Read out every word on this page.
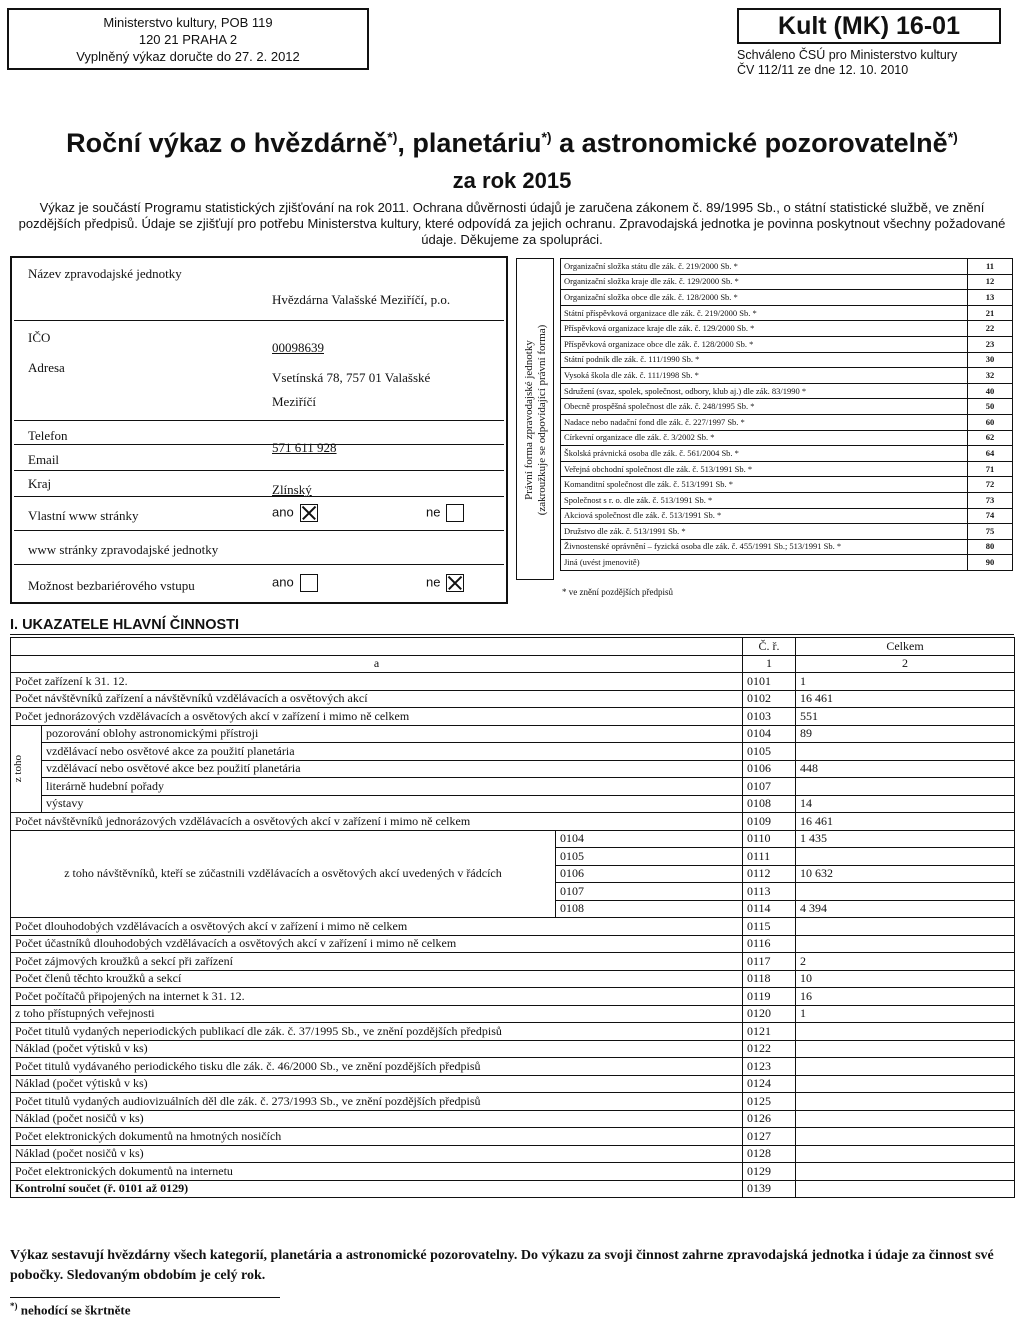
Ministerstvo kultury, POB 119
120 21 PRAHA 2
Vyplněný výkaz doručte do 27. 2. 2012
Kult (MK) 16-01
Schváleno ČSÚ pro Ministerstvo kultury
ČV 112/11 ze dne 12. 10. 2010
Roční výkaz o hvězdárně*), planetáriu*) a astronomické pozorovatelně*)
za rok 2015
Výkaz je součástí Programu statistických zjišťování na rok 2011. Ochrana důvěrnosti údajů je zaručena zákonem č. 89/1995 Sb., o státní statistické službě, ve znění pozdějších předpisů. Údaje se zjišťují pro potřebu Ministerstva kultury, které odpovídá za jejich ochranu. Zpravodajská jednotka je povinna poskytnout všechny požadované údaje. Děkujeme za spolupráci.
Název zpravodajské jednotky
Hvězdárna Valašské Meziříčí, p.o.
IČO
00098639
Adresa
Vsetínská 78, 757 01 Valašské
Meziříčí
Telefon
571 611 928
Email
Kraj	Zlínský
Vlastní www stránky	ano	ne
www stránky zpravodajské jednotky
Možnost bezbariérového vstupu	ano	ne
Právní forma zpravodajské jednotky (zakroužkuje se odpovídající právní forma)
Organizační složka státu dle zák. č. 219/2000 Sb. *	11
Organizační složka kraje dle zák. č. 129/2000 Sb. *	12
Organizační složka obce dle zák. č. 128/2000 Sb. *	13
Státní příspěvková organizace dle zák. č. 219/2000 Sb. *	21
Příspěvková organizace kraje dle zák. č. 129/2000 Sb. *	22
Příspěvková organizace obce dle zák. č. 128/2000 Sb. *	23
Státní podnik dle zák. č. 111/1990 Sb. *	30
Vysoká škola dle zák. č. 111/1998 Sb. *	32
Sdružení (svaz, spolek, společnost, odbory, klub aj.) dle zák. 83/1990 *	40
Obecně prospěšná společnost dle zák. č. 248/1995 Sb. *	50
Nadace nebo nadační fond dle zák. č. 227/1997 Sb. *	60
Církevní organizace dle zák. č. 3/2002 Sb. *	62
Školská právnická osoba dle zák. č. 561/2004 Sb. *	64
Veřejná obchodní společnost dle zák. č. 513/1991 Sb. *	71
Komanditní společnost dle zák. č. 513/1991 Sb. *	72
Společnost s r. o. dle zák. č. 513/1991 Sb. *	73
Akciová společnost dle zák. č. 513/1991 Sb. *	74
Družstvo dle zák. č. 513/1991 Sb. *	75
Živnostenské oprávnění – fyzická osoba dle zák. č. 455/1991 Sb.; 513/1991 Sb. *	80
Jiná (uvést jmenovitě)	90
* ve znění pozdějších předpisů
I. UKAZATELE HLAVNÍ ČINNOSTI
			Č. ř.	Celkem
a			1	2
Počet zařízení k 31. 12.			0101	1
Počet návštěvníků zařízení a návštěvníků vzdělávacích a osvětových akcí			0102	16 461
Počet jednorázových vzdělávacích a osvětových akcí v zařízení i mimo ně celkem			0103	551

z toho	pozorování oblohy astronomickými přístroji		0104	89
	vzdělávací nebo osvětové akce za použití planetária		0105	
	vzdělávací nebo osvětové akce bez použití planetária		0106	448
	literárně hudební pořady		0107	
	výstavy		0108	14
Počet návštěvníků jednorázových vzdělávacích a osvětových akcí v zařízení i mimo ně celkem			0109	16 461
z toho návštěvníků, kteří se zúčastnili vzdělávacích a osvětových akcí uvedených v řádcích		0104	0110	1 435
		0105	0111	
		0106	0112	10 632
		0107	0113	
		0108	0114	4 394
Počet dlouhodobých vzdělávacích a osvětových akcí v zařízení i mimo ně celkem			0115	
Počet účastníků dlouhodobých vzdělávacích a osvětových akcí v zařízení i mimo ně celkem			0116	
Počet zájmových kroužků a sekcí při zařízení			0117	2
Počet členů těchto kroužků a sekcí			0118	10
Počet počítačů připojených na internet k 31. 12.			0119	16
z toho přístupných veřejnosti			0120	1
Počet titulů vydaných neperiodických publikací dle zák. č. 37/1995 Sb., ve znění pozdějších předpisů			0121	
Náklad (počet výtisků v ks)			0122	
Počet titulů vydávaného periodického tisku dle zák. č. 46/2000 Sb., ve znění pozdějších předpisů			0123	
Náklad (počet výtisků v ks)			0124	
Počet titulů vydaných audiovizuálních děl dle zák. č. 273/1993 Sb., ve znění pozdějších předpisů			0125	
Náklad (počet nosičů v ks)			0126	
Počet elektronických dokumentů na hmotných nosičích			0127	
Náklad (počet nosičů v ks)			0128	
Počet elektronických dokumentů na internetu			0129	
Kontrolní součet (ř. 0101 až 0129)			0139	
Výkaz sestavují hvězdárny všech kategorií, planetária a astronomické pozorovatelny. Do výkazu za svoji činnost zahrne zpravodajská jednotka i údaje za činnost své pobočky. Sledovaným obdobím je celý rok.
*) nehodící se škrtněte
